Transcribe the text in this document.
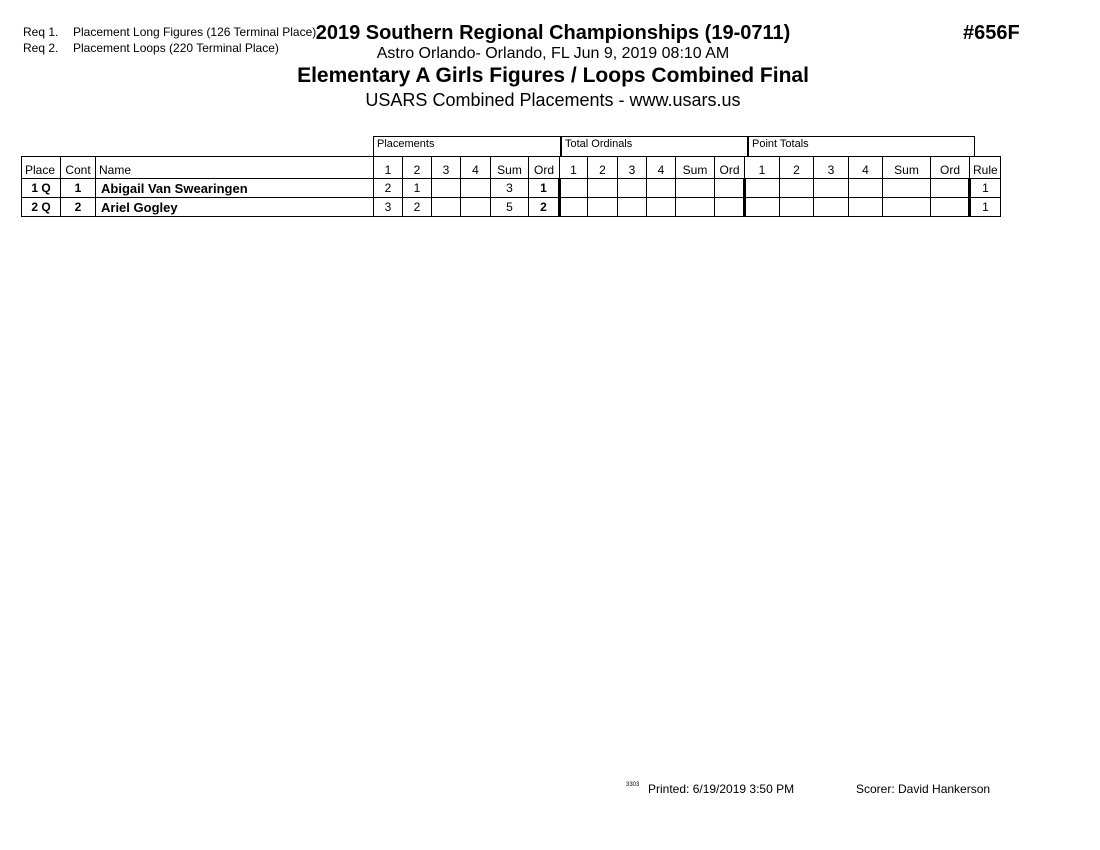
Req 1. Placement Long Figures (126 Terminal Place)
Req 2. Placement Loops (220 Terminal Place)
2019 Southern Regional Championships (19-0711)
Astro Orlando- Orlando, FL Jun 9, 2019 08:10 AM
Elementary A Girls Figures / Loops Combined Final
USARS Combined Placements - www.usars.us
#656F
Placements	Total Ordinals	Point Totals
Place	Cont	Name	1	2	3	4	Sum	Ord	1	2	3	4	Sum	Ord	1	2	3	4	Sum	Ord	Rule
1 Q	1	Abigail Van Swearingen	2	1			3	1													1
2 Q	2	Ariel Gogley	3	2			5	2													1
3303 Printed: 6/19/2019 3:50 PM	Scorer: David Hankerson
